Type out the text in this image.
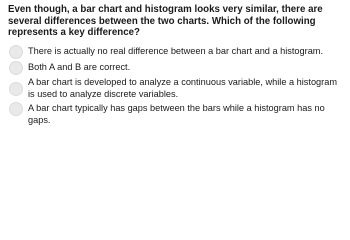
Even though, a bar chart and histogram looks very similar, there are several differences between the two charts. Which of the following represents a key difference?
There is actually no real difference between a bar chart and a histogram.
Both A and B are correct.
A bar chart is developed to analyze a continuous variable, while a histogram is used to analyze discrete variables.
A bar chart typically has gaps between the bars while a histogram has no gaps.
